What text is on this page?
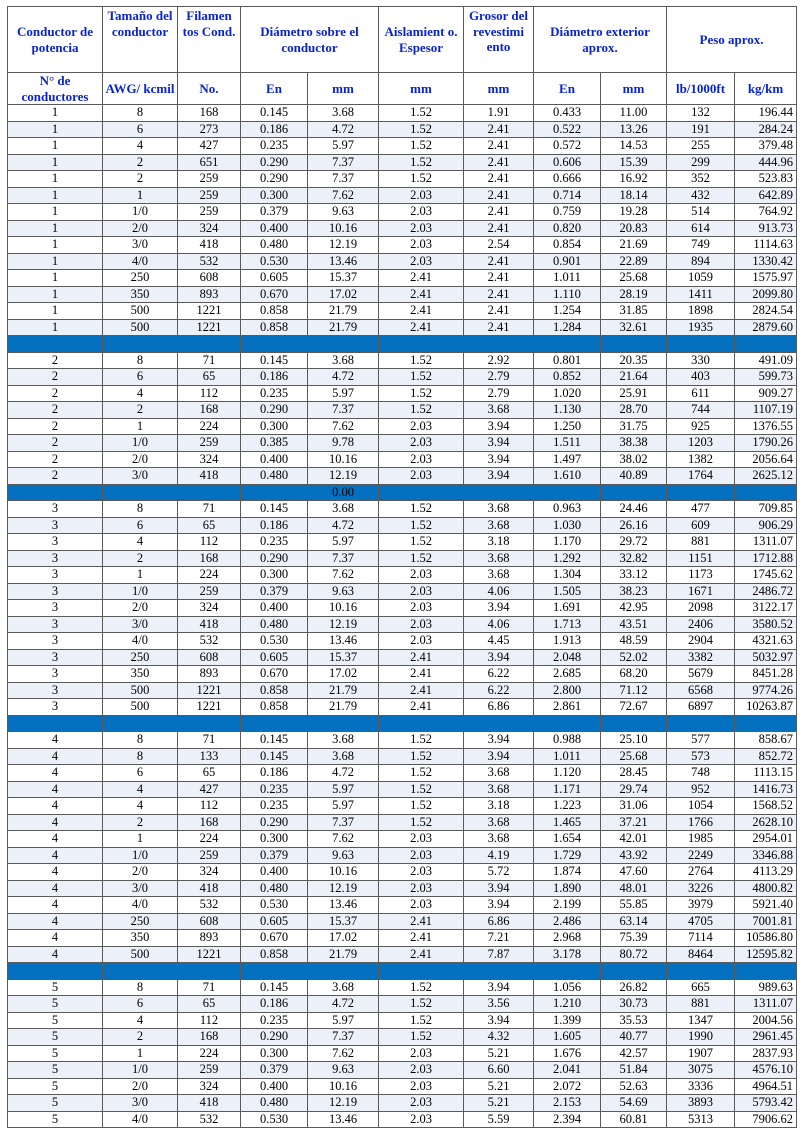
Conductor de potencia	Tamaño del conductor	Filamen tos Cond.	Diámetro sobre el conductor		Aislamient o. Espesor	Grosor del revestimi ento	Diámetro exterior aprox.		Peso aprox.	
N° de conductores	AWG/ kcmil	No.	En	mm	mm	mm	En	mm	lb/1000ft	kg/km
1	8	168	0.145	3.68	1.52	1.91	0.433	11.00	132	196.44
1	6	273	0.186	4.72	1.52	2.41	0.522	13.26	191	284.24
1	4	427	0.235	5.97	1.52	2.41	0.572	14.53	255	379.48
1	2	651	0.290	7.37	1.52	2.41	0.606	15.39	299	444.96
1	2	259	0.290	7.37	1.52	2.41	0.666	16.92	352	523.83
1	1	259	0.300	7.62	2.03	2.41	0.714	18.14	432	642.89
1	1/0	259	0.379	9.63	2.03	2.41	0.759	19.28	514	764.92
1	2/0	324	0.400	10.16	2.03	2.41	0.820	20.83	614	913.73
1	3/0	418	0.480	12.19	2.03	2.54	0.854	21.69	749	1114.63
1	4/0	532	0.530	13.46	2.03	2.41	0.901	22.89	894	1330.42
1	250	608	0.605	15.37	2.41	2.41	1.011	25.68	1059	1575.97
1	350	893	0.670	17.02	2.41	2.41	1.110	28.19	1411	2099.80
1	500	1221	0.858	21.79	2.41	2.41	1.254	31.85	1898	2824.54
1	500	1221	0.858	21.79	2.41	2.41	1.284	32.61	1935	2879.60

2	8	71	0.145	3.68	1.52	2.92	0.801	20.35	330	491.09
2	6	65	0.186	4.72	1.52	2.79	0.852	21.64	403	599.73
2	4	112	0.235	5.97	1.52	2.79	1.020	25.91	611	909.27
2	2	168	0.290	7.37	1.52	3.68	1.130	28.70	744	1107.19
2	1	224	0.300	7.62	2.03	3.94	1.250	31.75	925	1376.55
2	1/0	259	0.385	9.78	2.03	3.94	1.511	38.38	1203	1790.26
2	2/0	324	0.400	10.16	2.03	3.94	1.497	38.02	1382	2056.64
2	3/0	418	0.480	12.19	2.03	3.94	1.610	40.89	1764	2625.12
				0.00						
3	8	71	0.145	3.68	1.52	3.68	0.963	24.46	477	709.85
3	6	65	0.186	4.72	1.52	3.68	1.030	26.16	609	906.29
3	4	112	0.235	5.97	1.52	3.18	1.170	29.72	881	1311.07
3	2	168	0.290	7.37	1.52	3.68	1.292	32.82	1151	1712.88
3	1	224	0.300	7.62	2.03	3.68	1.304	33.12	1173	1745.62
3	1/0	259	0.379	9.63	2.03	4.06	1.505	38.23	1671	2486.72
3	2/0	324	0.400	10.16	2.03	3.94	1.691	42.95	2098	3122.17
3	3/0	418	0.480	12.19	2.03	4.06	1.713	43.51	2406	3580.52
3	4/0	532	0.530	13.46	2.03	4.45	1.913	48.59	2904	4321.63
3	250	608	0.605	15.37	2.41	3.94	2.048	52.02	3382	5032.97
3	350	893	0.670	17.02	2.41	6.22	2.685	68.20	5679	8451.28
3	500	1221	0.858	21.79	2.41	6.22	2.800	71.12	6568	9774.26
3	500	1221	0.858	21.79	2.41	6.86	2.861	72.67	6897	10263.87

4	8	71	0.145	3.68	1.52	3.94	0.988	25.10	577	858.67
4	8	133	0.145	3.68	1.52	3.94	1.011	25.68	573	852.72
4	6	65	0.186	4.72	1.52	3.68	1.120	28.45	748	1113.15
4	4	427	0.235	5.97	1.52	3.68	1.171	29.74	952	1416.73
4	4	112	0.235	5.97	1.52	3.18	1.223	31.06	1054	1568.52
4	2	168	0.290	7.37	1.52	3.68	1.465	37.21	1766	2628.10
4	1	224	0.300	7.62	2.03	3.68	1.654	42.01	1985	2954.01
4	1/0	259	0.379	9.63	2.03	4.19	1.729	43.92	2249	3346.88
4	2/0	324	0.400	10.16	2.03	5.72	1.874	47.60	2764	4113.29
4	3/0	418	0.480	12.19	2.03	3.94	1.890	48.01	3226	4800.82
4	4/0	532	0.530	13.46	2.03	3.94	2.199	55.85	3979	5921.40
4	250	608	0.605	15.37	2.41	6.86	2.486	63.14	4705	7001.81
4	350	893	0.670	17.02	2.41	7.21	2.968	75.39	7114	10586.80
4	500	1221	0.858	21.79	2.41	7.87	3.178	80.72	8464	12595.82

5	8	71	0.145	3.68	1.52	3.94	1.056	26.82	665	989.63
5	6	65	0.186	4.72	1.52	3.56	1.210	30.73	881	1311.07
5	4	112	0.235	5.97	1.52	3.94	1.399	35.53	1347	2004.56
5	2	168	0.290	7.37	1.52	4.32	1.605	40.77	1990	2961.45
5	1	224	0.300	7.62	2.03	5.21	1.676	42.57	1907	2837.93
5	1/0	259	0.379	9.63	2.03	6.60	2.041	51.84	3075	4576.10
5	2/0	324	0.400	10.16	2.03	5.21	2.072	52.63	3336	4964.51
5	3/0	418	0.480	12.19	2.03	5.21	2.153	54.69	3893	5793.42
5	4/0	532	0.530	13.46	2.03	5.59	2.394	60.81	5313	7906.62
